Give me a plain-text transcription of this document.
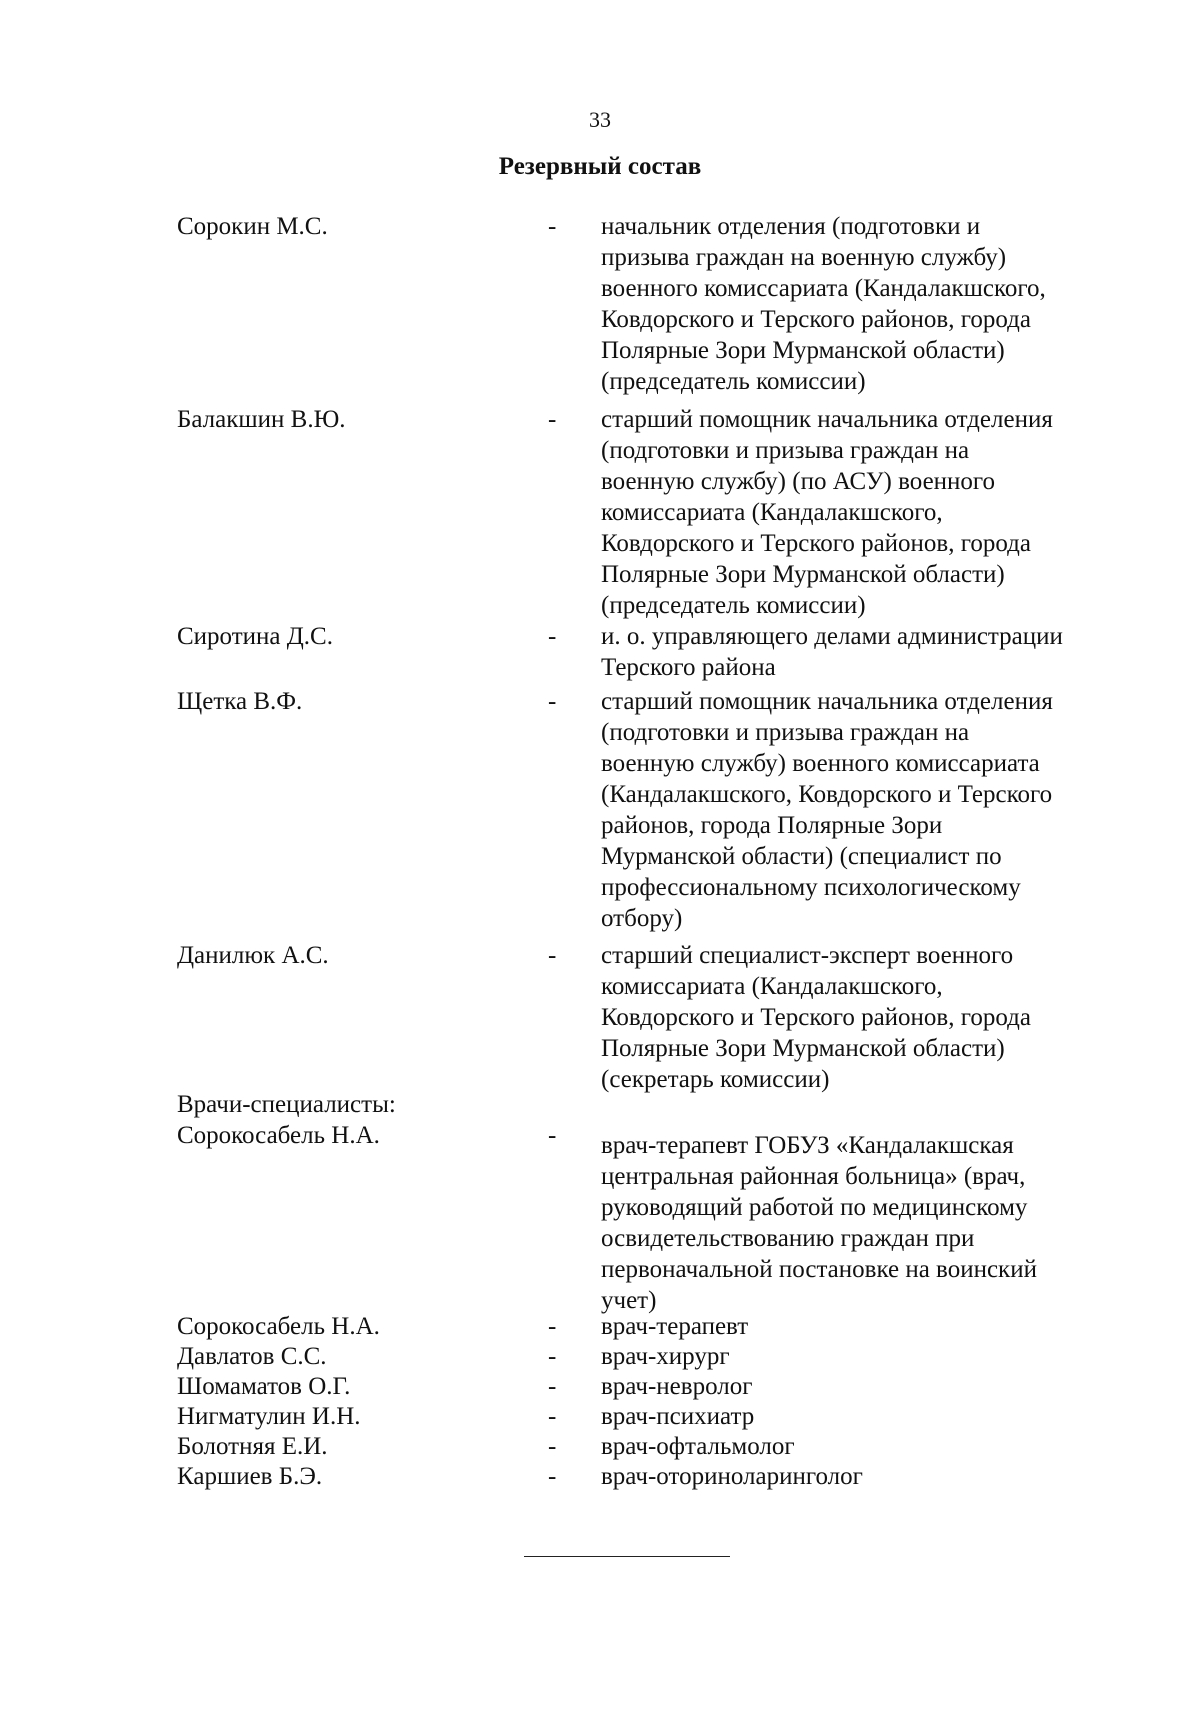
33
Резервный состав
Сорокин М.С.	- начальник отделения (подготовки и
призыва граждан на военную службу)
военного комиссариата (Кандалакшского,
Ковдорского и Терского районов, города
Полярные Зори Мурманской области)
(председатель комиссии)
Балакшин В.Ю.	- старший помощник начальника отделения
(подготовки и призыва граждан на
военную службу) (по АСУ) военного
комиссариата (Кандалакшского,
Ковдорского и Терского районов, города
Полярные Зори Мурманской области)
(председатель комиссии)
Сиротина Д.С.	- и. о. управляющего делами администрации
Терского района
Щетка В.Ф.	- старший помощник начальника отделения
(подготовки и призыва граждан на
военную службу) военного комиссариата
(Кандалакшского, Ковдорского и Терского
районов, города Полярные Зори
Мурманской области) (специалист по
профессиональному психологическому
отбору)
Данилюк А.С.	- старший специалист-эксперт военного
комиссариата (Кандалакшского,
Ковдорского и Терского районов, города
Полярные Зори Мурманской области)
(секретарь комиссии)
Врачи-специалисты:
Сорокосабель Н.А.	- врач-терапевт ГОБУЗ «Кандалакшская
центральная районная больница» (врач,
руководящий работой по медицинскому
освидетельствованию граждан при
первоначальной постановке на воинский
учет)
Сорокосабель Н.А.	- врач-терапевт
Давлатов С.С.	- врач-хирург
Шомаматов О.Г.	- врач-невролог
Нигматулин И.Н.	- врач-психиатр
Болотняя Е.И.	- врач-офтальмолог
Каршиев Б.Э.	- врач-оториноларинголог
